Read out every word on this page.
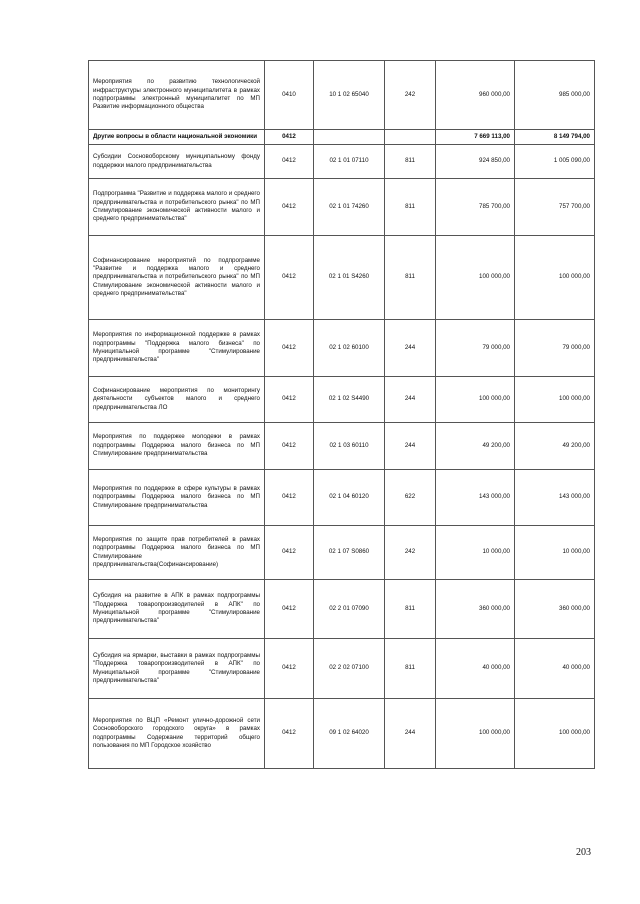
Мероприятия по развитию технологической инфраструктуры электронного муниципалитета в рамках подпрограммы электронный муниципалитет по МП Развитие информационного общества	0410	10 1 02 65040	242	960 000,00	985 000,00
Другие вопросы в области национальной экономики	0412			7 669 113,00	8 149 794,00
Субсидии Сосновоборскому муниципальному фонду поддержки малого предпринимательства	0412	02 1 01 07110	811	924 850,00	1 005 090,00
Подпрограмма "Развитие и поддержка малого и среднего предпринимательства и потребительского рынка" по МП Стимулирование экономической активности малого и среднего предпринимательства"	0412	02 1 01 74260	811	785 700,00	757 700,00
Софинансирование мероприятий по подпрограмме "Развитие и поддержка малого и среднего предпринимательства и потребительского рынка" по МП Стимулирование экономической активности малого и среднего предпринимательства"	0412	02 1 01 S4260	811	100 000,00	100 000,00
Мероприятия по информационной поддержке в рамках подпрограммы "Поддержка малого бизнеса" по Муниципальной программе "Стимулирование предпринимательства"	0412	02 1 02 60100	244	79 000,00	79 000,00
Софинансирование мероприятия по мониторингу деятельности субъектов малого и среднего предпринимательства ЛО	0412	02 1 02 S4490	244	100 000,00	100 000,00
Мероприятия по поддержке молодежи в рамках подпрограммы Поддержка малого бизнеса по МП Стимулирование предпринимательства	0412	02 1 03 60110	244	49 200,00	49 200,00
Мероприятия по поддержке в сфере культуры в рамках подпрограммы Поддержка малого бизнеса по МП Стимулирование предпринимательства	0412	02 1 04 60120	622	143 000,00	143 000,00
Мероприятия по защите прав потребителей в рамках подпрограммы Поддержка малого бизнеса по МП Стимулирование предпринимательства(Софинансирование)	0412	02 1 07 S0860	242	10 000,00	10 000,00
Субсидия на развитие в АПК в рамках подпрограммы "Поддержка товаропроизводителей в АПК" по Муниципальной программе "Стимулирование предпринимательства"	0412	02 2 01 07090	811	360 000,00	360 000,00
Субсидия на ярмарки, выставки в рамках подпрограммы "Поддержка товаропроизводителей в АПК" по Муниципальной программе "Стимулирование предпринимательства"	0412	02 2 02 07100	811	40 000,00	40 000,00
Мероприятия по ВЦП «Ремонт улично-дорожной сети Сосновоборского городского округа» в рамках подпрограммы Содержание территорий общего пользования по МП Городское хозяйство	0412	09 1 02 64020	244	100 000,00	100 000,00
203
